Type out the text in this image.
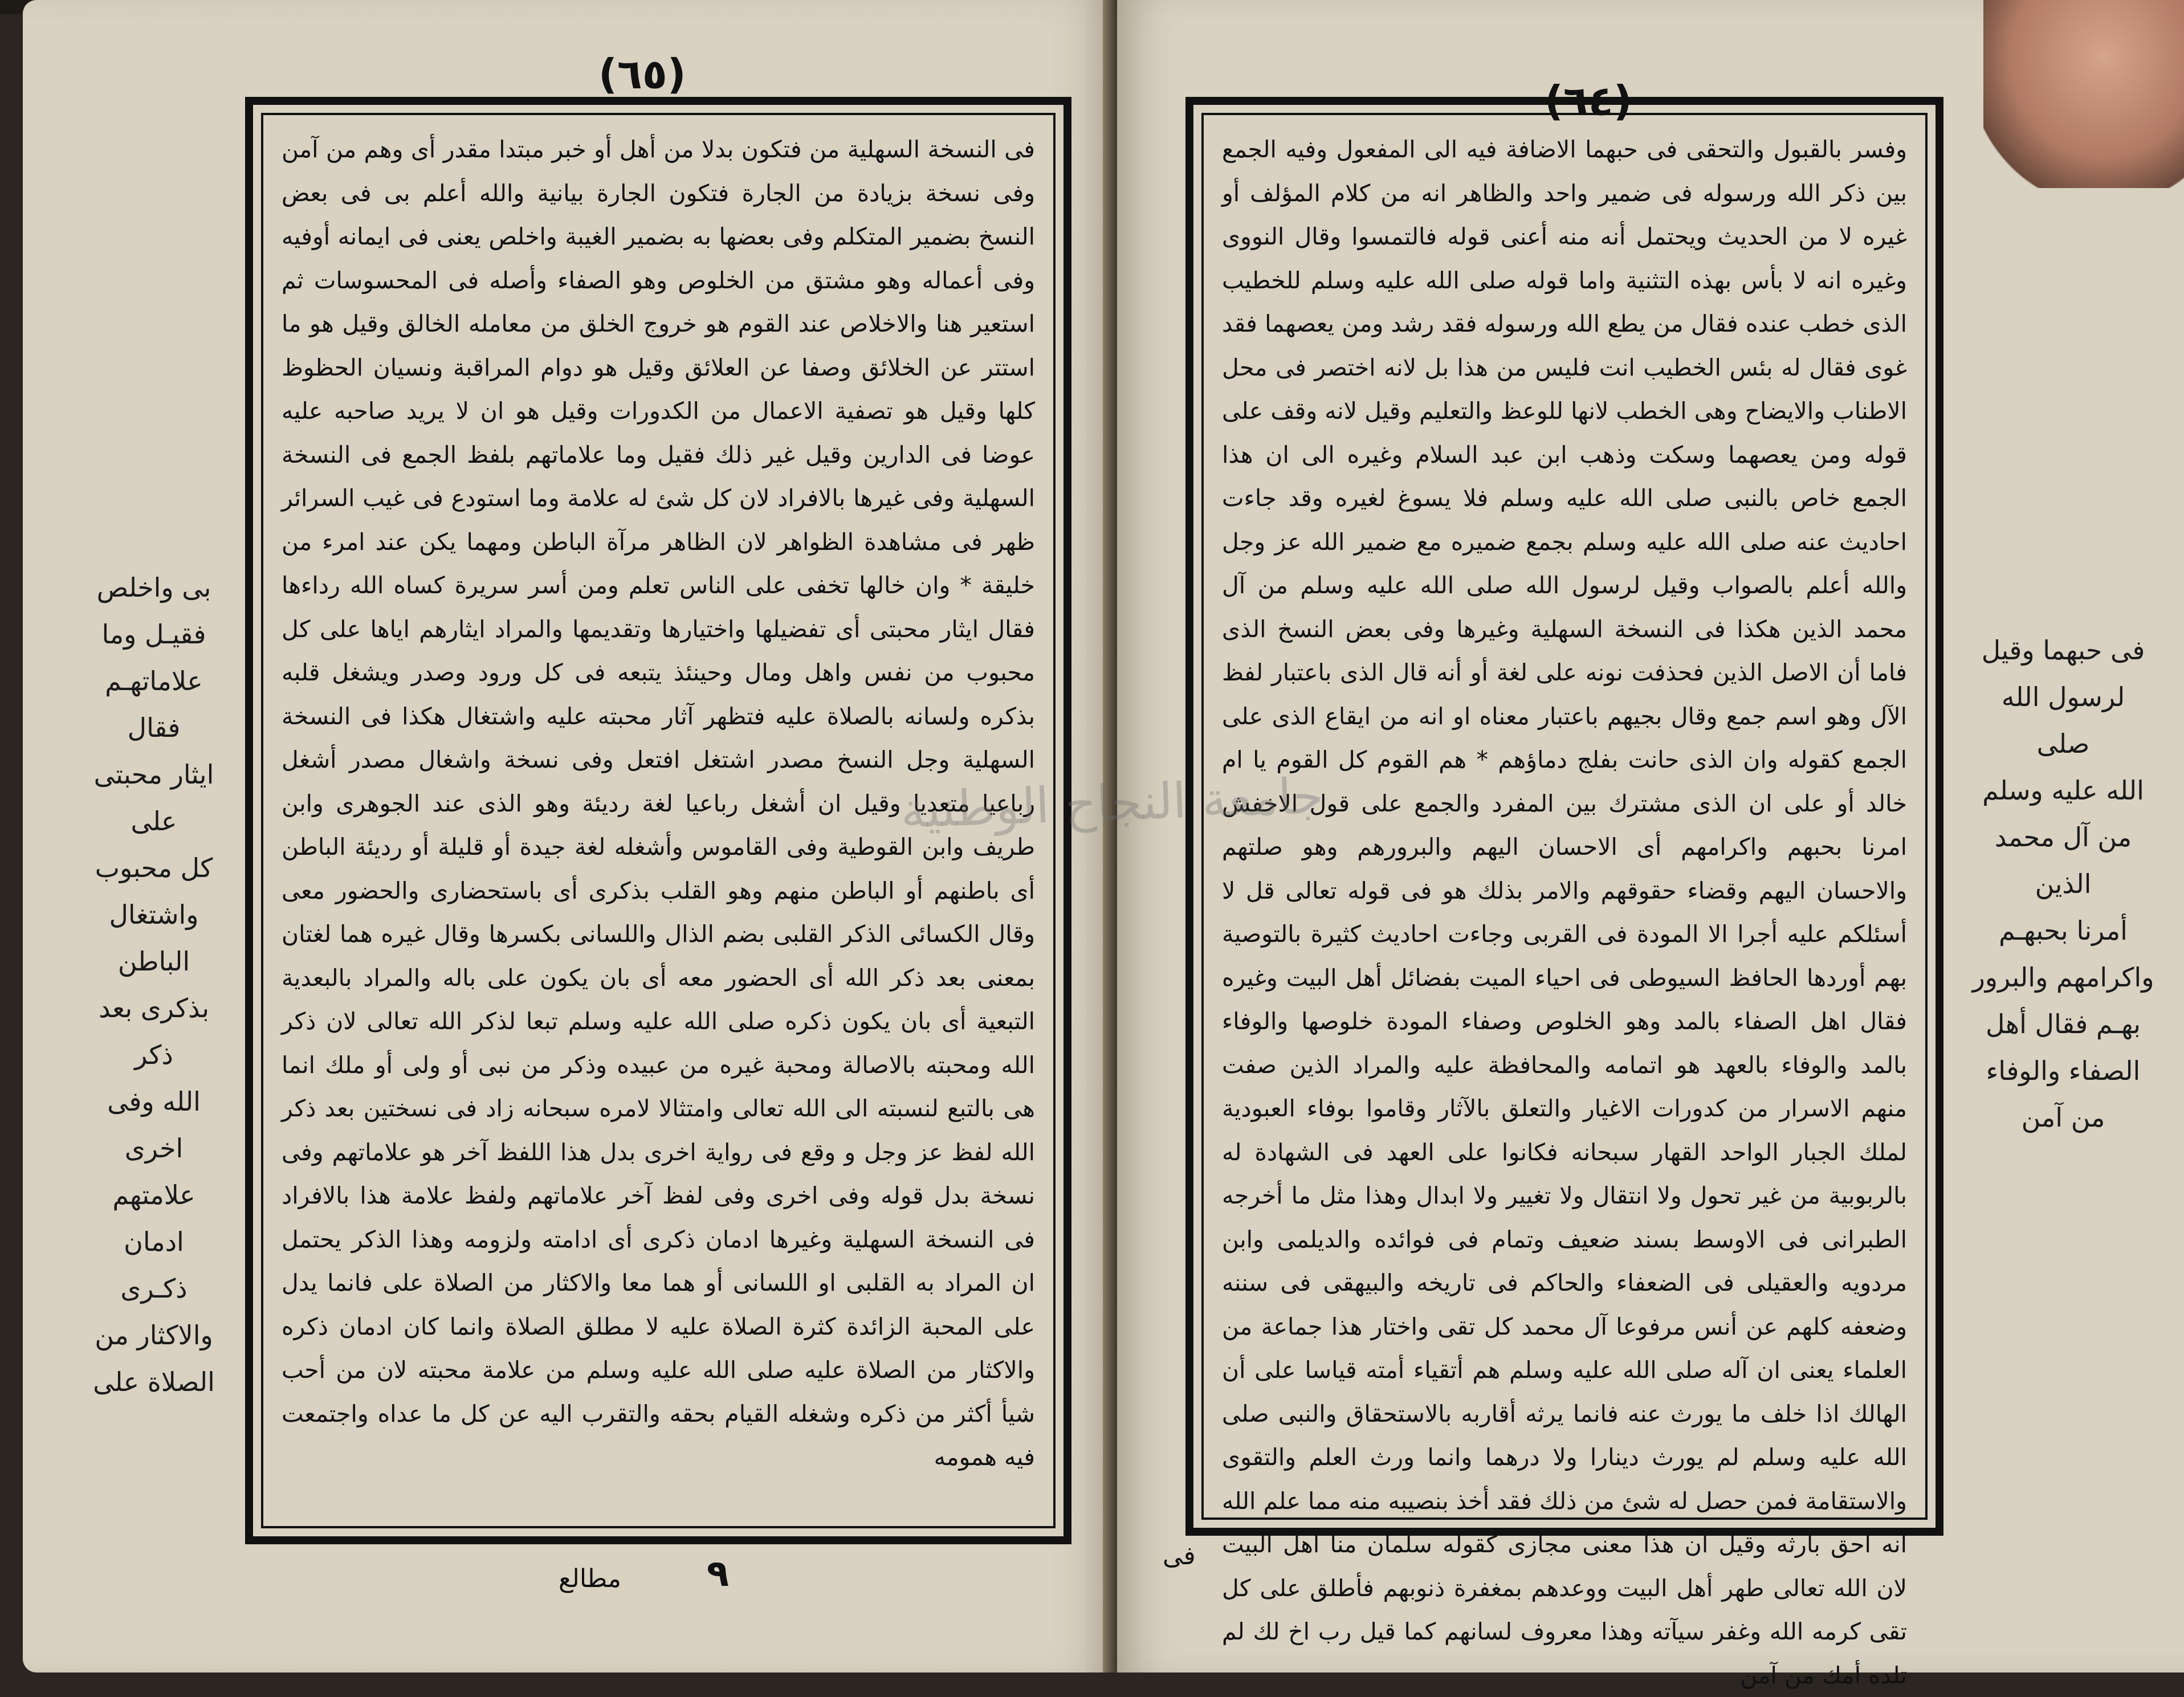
(٦٥)

فى النسخة السهلية من فتكون بدلا من أهل أو خبر مبتدا مقدر أى وهم من آمن وفى نسخة بزيادة من الجارة فتكون الجارة بيانية والله أعلم بى فى بعض النسخ بضمير المتكلم وفى بعضها به بضمير الغيبة واخلص يعنى فى ايمانه أوفيه وفى أعماله وهو مشتق من الخلوص وهو الصفاء وأصله فى المحسوسات ثم استعير هنا والاخلاص عند القوم هو خروج الخلق من معامله الخالق وقيل هو ما استتر عن الخلائق وصفا عن العلائق وقيل هو دوام المراقبة ونسيان الحظوظ كلها وقيل هو تصفية الاعمال من الكدورات وقيل هو ان لا يريد صاحبه عليه عوضا فى الدارين وقيل غير ذلك فقيل وما علاماتهم بلفظ الجمع فى النسخة السهلية وفى غيرها بالافراد لان كل شئ له علامة وما استودع فى غيب السرائر ظهر فى مشاهدة الظواهر لان الظاهر مرآة الباطن ومهما يكن عند امرء من خليقة * وان خالها تخفى على الناس تعلم ومن أسر سريرة كساه الله رداءها فقال ايثار محبتى أى تفضيلها واختيارها وتقديمها والمراد ايثارهم اياها على كل محبوب من نفس واهل ومال وحينئذ يتبعه فى كل ورود وصدر ويشغل قلبه بذكره ولسانه بالصلاة عليه فتظهر آثار محبته عليه واشتغال هكذا فى النسخة السهلية وجل النسخ مصدر اشتغل افتعل وفى نسخة واشغال مصدر أشغل رباعيا متعديا وقيل ان أشغل رباعيا لغة رديئة وهو الذى عند الجوهرى وابن طريف وابن القوطية وفى القاموس وأشغله لغة جيدة أو قليلة أو رديئة الباطن أى باطنهم أو الباطن منهم وهو القلب بذكرى أى باستحضارى والحضور معى وقال الكسائى الذكر القلبى بضم الذال واللسانى بكسرها وقال غيره هما لغتان بمعنى بعد ذكر الله أى الحضور معه أى بان يكون على باله والمراد بالبعدية التبعية أى بان يكون ذكره صلى الله عليه وسلم تبعا لذكر الله تعالى لان ذكر الله ومحبته بالاصالة ومحبة غيره من عبيده وذكر من نبى أو ولى أو ملك انما هى بالتبع لنسبته الى الله تعالى وامتثالا لامره سبحانه زاد فى نسختين بعد ذكر الله لفظ عز وجل و وقع فى رواية اخرى بدل هذا اللفظ آخر هو علاماتهم وفى نسخة بدل قوله وفى اخرى وفى لفظ آخر علاماتهم ولفظ علامة هذا بالافراد فى النسخة السهلية وغيرها ادمان ذكرى أى ادامته ولزومه وهذا الذكر يحتمل ان المراد به القلبى او اللسانى أو هما معا والاكثار من الصلاة على فانما يدل على المحبة الزائدة كثرة الصلاة عليه لا مطلق الصلاة وانما كان ادمان ذكره والاكثار من الصلاة عليه صلى الله عليه وسلم من علامة محبته لان من أحب شيأ أكثر من ذكره وشغله القيام بحقه والتقرب اليه عن كل ما عداه واجتمعت فيه همومه

مطالع ٩
بى واخلص
فقيـل وما
علاماتهـم فقال
ايثار محبتى على
كل محبوب
واشتغال الباطن
بذكرى بعد ذكر
الله وفى اخرى
علامتهم ادمان
ذكـرى
والاكثار من
الصلاة على
(٦٤)

وفسر بالقبول والتحقى فى حبهما الاضافة فيه الى المفعول وفيه الجمع بين ذكر الله ورسوله فى ضمير واحد والظاهر انه من كلام المؤلف أو غيره لا من الحديث ويحتمل أنه منه أعنى قوله فالتمسوا وقال النووى وغيره انه لا بأس بهذه التثنية واما قوله صلى الله عليه وسلم للخطيب الذى خطب عنده فقال من يطع الله ورسوله فقد رشد ومن يعصهما فقد غوى فقال له بئس الخطيب انت فليس من هذا بل لانه اختصر فى محل الاطناب والايضاح وهى الخطب لانها للوعظ والتعليم وقيل لانه وقف على قوله ومن يعصهما وسكت وذهب ابن عبد السلام وغيره الى ان هذا الجمع خاص بالنبى صلى الله عليه وسلم فلا يسوغ لغيره وقد جاءت احاديث عنه صلى الله عليه وسلم بجمع ضميره مع ضمير الله عز وجل والله أعلم بالصواب وقيل لرسول الله صلى الله عليه وسلم من آل محمد الذين هكذا فى النسخة السهلية وغيرها وفى بعض النسخ الذى فاما أن الاصل الذين فحذفت نونه على لغة أو أنه قال الذى باعتبار لفظ الآل وهو اسم جمع وقال بجيهم باعتبار معناه او انه من ايقاع الذى على الجمع كقوله وان الذى حانت بفلج دماؤهم * هم القوم كل القوم يا ام خالد أو على ان الذى مشترك بين المفرد والجمع على قول الاخفش امرنا بحبهم واكرامهم أى الاحسان اليهم والبرورهم وهو صلتهم والاحسان اليهم وقضاء حقوقهم والامر بذلك هو فى قوله تعالى قل لا أسئلكم عليه أجرا الا المودة فى القربى وجاءت احاديث كثيرة بالتوصية بهم أوردها الحافظ السيوطى فى احياء الميت بفضائل أهل البيت وغيره فقال اهل الصفاء بالمد وهو الخلوص وصفاء المودة خلوصها والوفاء بالمد والوفاء بالعهد هو اتمامه والمحافظة عليه والمراد الذين صفت منهم الاسرار من كدورات الاغيار والتعلق بالآثار وقاموا بوفاء العبودية لملك الجبار الواحد القهار سبحانه فكانوا على العهد فى الشهادة له بالربوبية من غير تحول ولا انتقال ولا تغيير ولا ابدال وهذا مثل ما أخرجه الطبرانى فى الاوسط بسند ضعيف وتمام فى فوائده والديلمى وابن مردويه والعقيلى فى الضعفاء والحاكم فى تاريخه والبيهقى فى سننه وضعفه كلهم عن أنس مرفوعا آل محمد كل تقى واختار هذا جماعة من العلماء يعنى ان آله صلى الله عليه وسلم هم أتقياء أمته قياسا على أن الهالك اذا خلف ما يورث عنه فانما يرثه أقاربه بالاستحقاق والنبى صلى الله عليه وسلم لم يورث دينارا ولا درهما وانما ورث العلم والتقوى والاستقامة فمن حصل له شئ من ذلك فقد أخذ بنصيبه منه مما علم الله أنه أحق بارثه وقيل ان هذا معنى مجازى كقوله سلمان منا أهل البيت لان الله تعالى طهر أهل البيت ووعدهم بمغفرة ذنوبهم فأطلق على كل تقى كرمه الله وغفر سيآته وهذا معروف لسانهم كما قيل رب اخ لك لم تلده أمك من آمن

فى
فى حبهما وقيل
لرسول الله صلى
الله عليه وسلم
من آل محمد الذين
أمرنا بحبهـم
واكرامهم والبرور
بهـم فقال أهل
الصفاء والوفاء
من آمن
جامعة النجاح الوطنية
